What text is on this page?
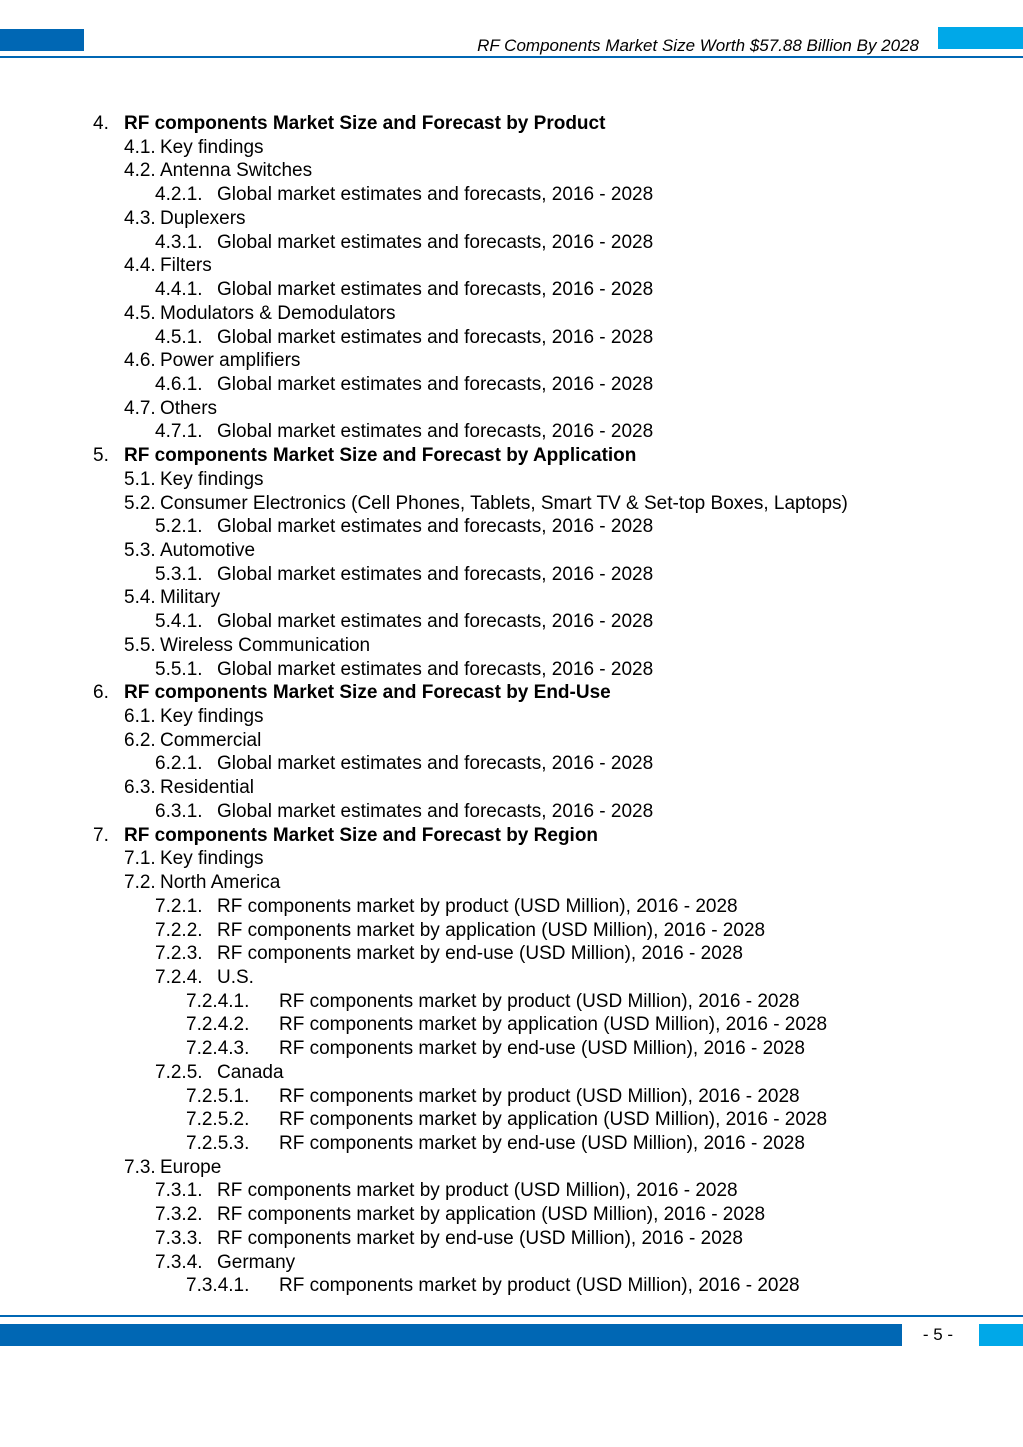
RF Components Market Size Worth $57.88 Billion By 2028
4. RF components Market Size and Forecast by Product
4.1. Key findings
4.2. Antenna Switches
4.2.1. Global market estimates and forecasts, 2016 - 2028
4.3. Duplexers
4.3.1. Global market estimates and forecasts, 2016 - 2028
4.4. Filters
4.4.1. Global market estimates and forecasts, 2016 - 2028
4.5. Modulators & Demodulators
4.5.1. Global market estimates and forecasts, 2016 - 2028
4.6. Power amplifiers
4.6.1. Global market estimates and forecasts, 2016 - 2028
4.7. Others
4.7.1. Global market estimates and forecasts, 2016 - 2028
5. RF components Market Size and Forecast by Application
5.1. Key findings
5.2. Consumer Electronics (Cell Phones, Tablets, Smart TV & Set-top Boxes, Laptops)
5.2.1. Global market estimates and forecasts, 2016 - 2028
5.3. Automotive
5.3.1. Global market estimates and forecasts, 2016 - 2028
5.4. Military
5.4.1. Global market estimates and forecasts, 2016 - 2028
5.5. Wireless Communication
5.5.1. Global market estimates and forecasts, 2016 - 2028
6. RF components Market Size and Forecast by End-Use
6.1. Key findings
6.2. Commercial
6.2.1. Global market estimates and forecasts, 2016 - 2028
6.3. Residential
6.3.1. Global market estimates and forecasts, 2016 - 2028
7. RF components Market Size and Forecast by Region
7.1. Key findings
7.2. North America
7.2.1. RF components market by product (USD Million), 2016 - 2028
7.2.2. RF components market by application (USD Million), 2016 - 2028
7.2.3. RF components market by end-use (USD Million), 2016 - 2028
7.2.4. U.S.
7.2.4.1. RF components market by product (USD Million), 2016 - 2028
7.2.4.2. RF components market by application (USD Million), 2016 - 2028
7.2.4.3. RF components market by end-use (USD Million), 2016 - 2028
7.2.5. Canada
7.2.5.1. RF components market by product (USD Million), 2016 - 2028
7.2.5.2. RF components market by application (USD Million), 2016 - 2028
7.2.5.3. RF components market by end-use (USD Million), 2016 - 2028
7.3. Europe
7.3.1. RF components market by product (USD Million), 2016 - 2028
7.3.2. RF components market by application (USD Million), 2016 - 2028
7.3.3. RF components market by end-use (USD Million), 2016 - 2028
7.3.4. Germany
7.3.4.1. RF components market by product (USD Million), 2016 - 2028
- 5 -
